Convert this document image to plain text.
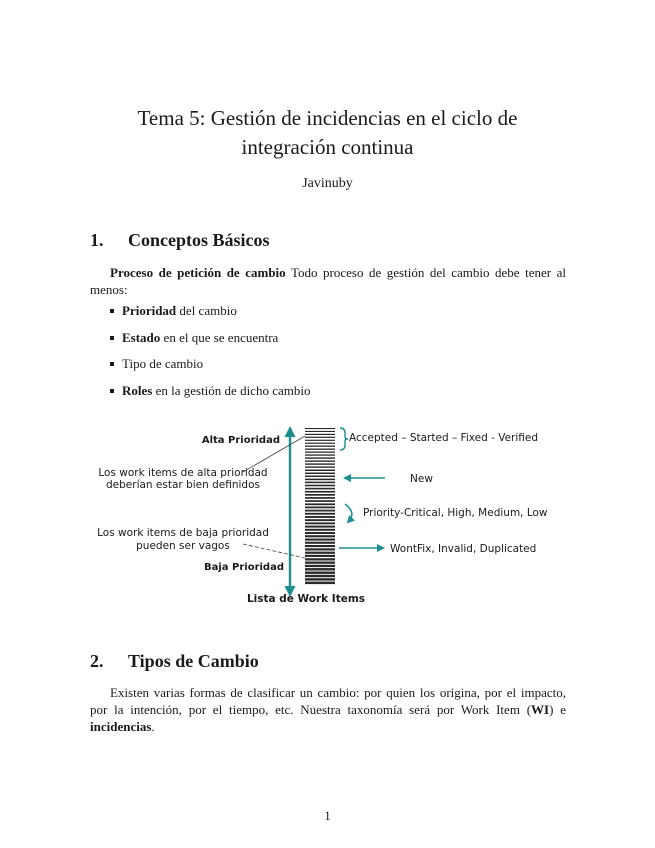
Tema 5: Gestión de incidencias en el ciclo de
integración continua
Javinuby
1. Conceptos Básicos
Proceso de petición de cambio Todo proceso de gestión del cambio debe tener al menos:
Prioridad del cambio
Estado en el que se encuentra
Tipo de cambio
Roles en la gestión de dicho cambio
Alta Prioridad
Los work items de alta prioridad
deberían estar bien definidos
Los work items de baja prioridad
pueden ser vagos
Baja Prioridad
Accepted – Started – Fixed - Verified
New
Priority-Critical, High, Medium, Low
WontFix, Invalid, Duplicated
Lista de Work Items
2. Tipos de Cambio
Existen varias formas de clasificar un cambio: por quien los origina, por el impacto, por la intención, por el tiempo, etc. Nuestra taxonomía será por Work Item (WI) e incidencias.
1
